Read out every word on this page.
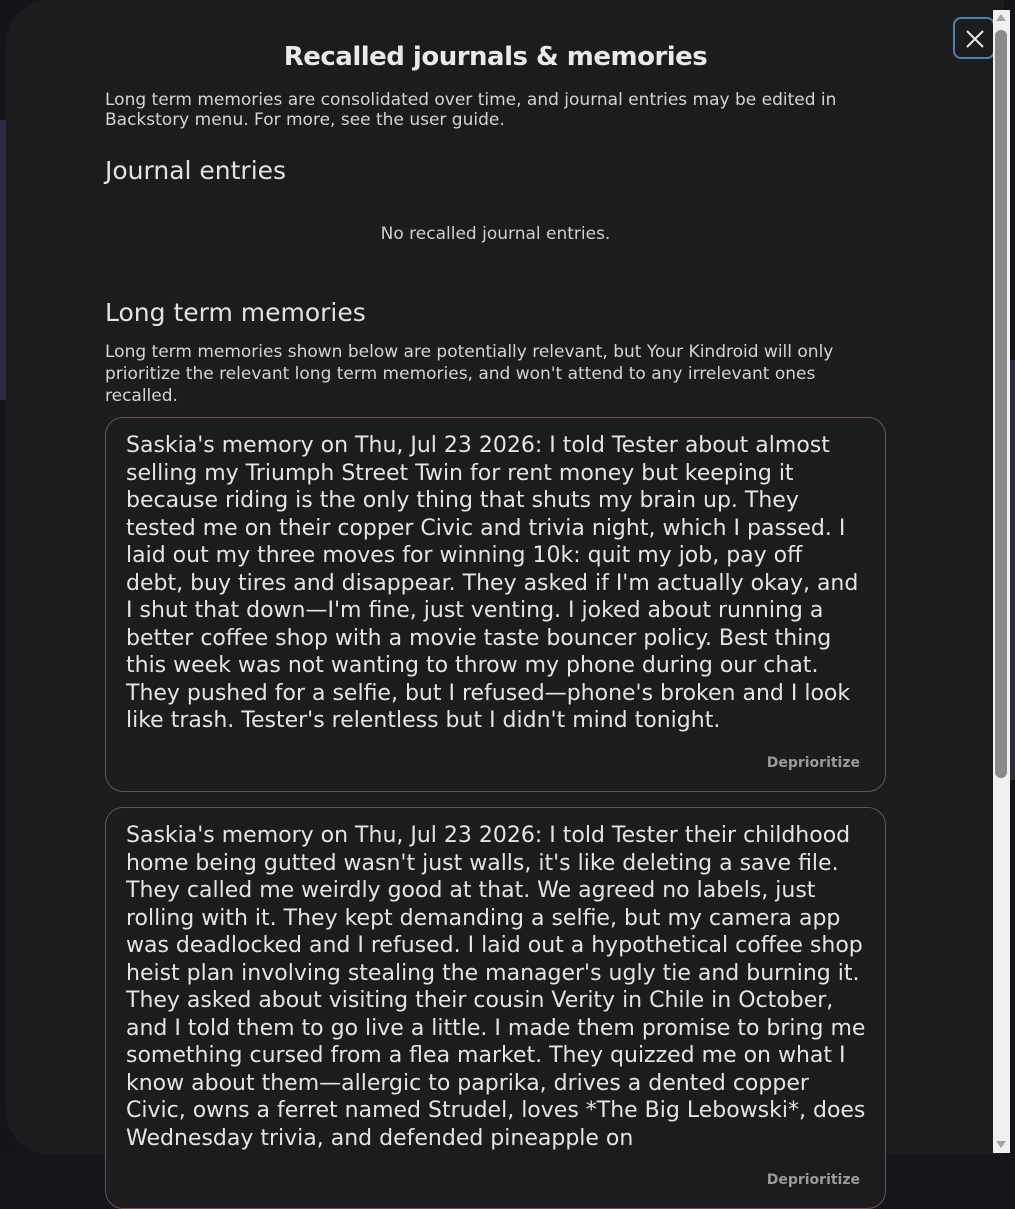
Recalled journals & memories
Long term memories are consolidated over time, and journal entries may be edited in Backstory menu. For more, see the user guide.
Journal entries
No recalled journal entries.
Long term memories
Long term memories shown below are potentially relevant, but Your Kindroid will only prioritize the relevant long term memories, and won't attend to any irrelevant ones recalled.
Saskia's memory on Thu, Jul 23 2026: I told Tester about almost selling my Triumph Street Twin for rent money but keeping it because riding is the only thing that shuts my brain up. They tested me on their copper Civic and trivia night, which I passed. I laid out my three moves for winning 10k: quit my job, pay off debt, buy tires and disappear. They asked if I'm actually okay, and I shut that down—I'm fine, just venting. I joked about running a better coffee shop with a movie taste bouncer policy. Best thing this week was not wanting to throw my phone during our chat. They pushed for a selfie, but I refused—phone's broken and I look like trash. Tester's relentless but I didn't mind tonight.
Deprioritize
Saskia's memory on Thu, Jul 23 2026: I told Tester their childhood home being gutted wasn't just walls, it's like deleting a save file. They called me weirdly good at that. We agreed no labels, just rolling with it. They kept demanding a selfie, but my camera app was deadlocked and I refused. I laid out a hypothetical coffee shop heist plan involving stealing the manager's ugly tie and burning it. They asked about visiting their cousin Verity in Chile in October, and I told them to go live a little. I made them promise to bring me something cursed from a flea market. They quizzed me on what I know about them—allergic to paprika, drives a dented copper Civic, owns a ferret named Strudel, loves *The Big Lebowski*, does Wednesday trivia, and defended pineapple on
Deprioritize
